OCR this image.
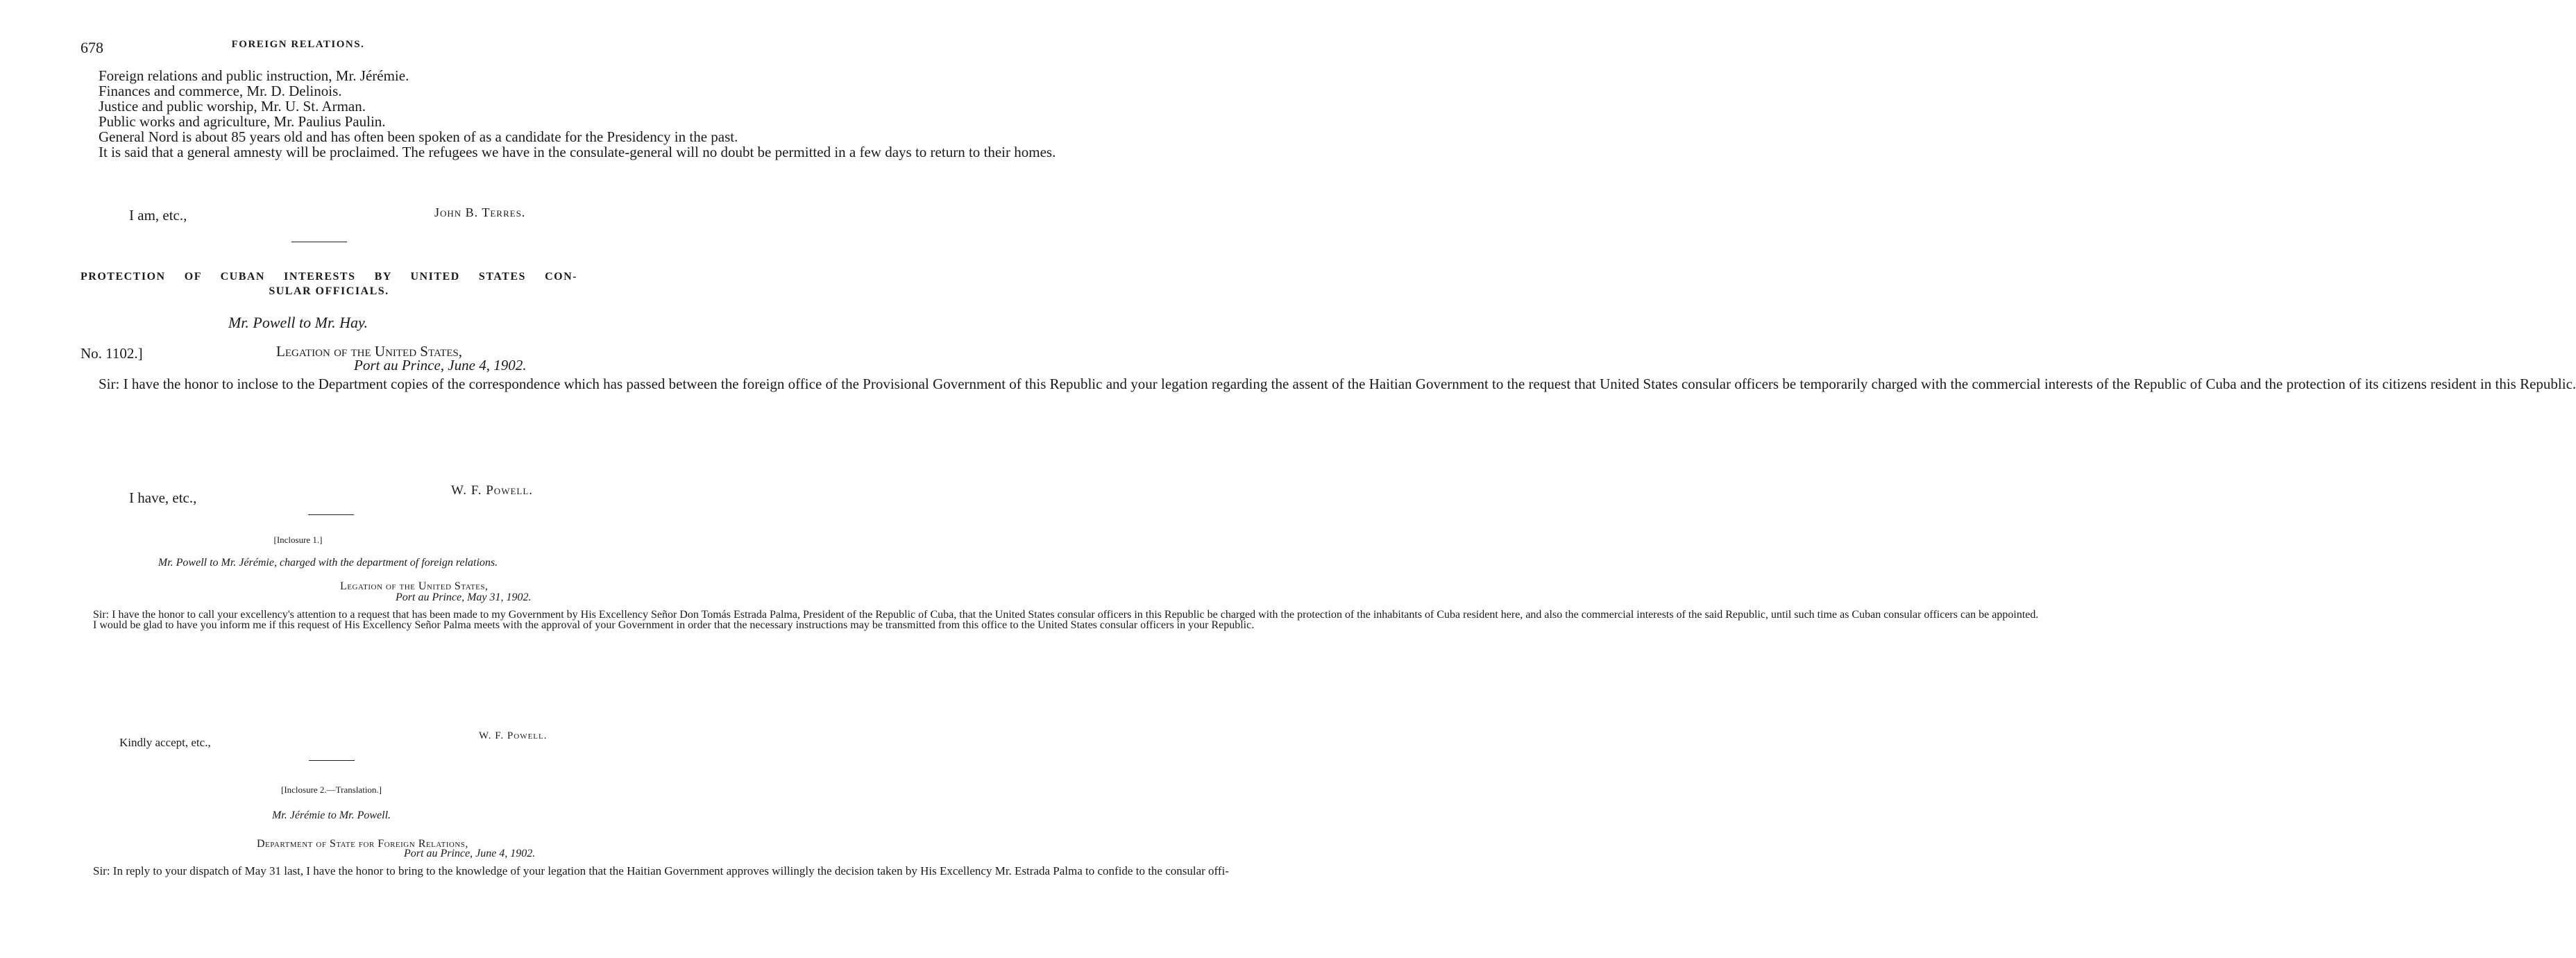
678	FOREIGN RELATIONS.
Foreign relations and public instruction, Mr. Jérémie.
Finances and commerce, Mr. D. Delinois.
Justice and public worship, Mr. U. St. Arman.
Public works and agriculture, Mr. Paulius Paulin.

General Nord is about 85 years old and has often been spoken of as a candidate for the Presidency in the past.

It is said that a general amnesty will be proclaimed. The refugees we have in the consulate-general will no doubt be permitted in a few days to return to their homes.

I am, etc.,	John B. Terres.
PROTECTION OF CUBAN INTERESTS BY UNITED STATES CON-
SULAR OFFICIALS.
Mr. Powell to Mr. Hay.
No. 1102.]	Legation of the United States,
Port au Prince, June 4, 1902.

Sir: I have the honor to inclose to the Department copies of the correspondence which has passed between the foreign office of the Provisional Government of this Republic and your legation regarding the assent of the Haitian Government to the request that United States consular officers be temporarily charged with the commercial interests of the Republic of Cuba and the protection of its citizens resident in this Republic.

I have, etc.,	W. F. Powell.
[Inclosure 1.]
Mr. Powell to Mr. Jérémie, charged with the department of foreign relations.
Legation of the United States,
Port au Prince, May 31, 1902.

Sir: I have the honor to call your excellency's attention to a request that has been made to my Government by His Excellency Señor Don Tomás Estrada Palma, President of the Republic of Cuba, that the United States consular officers in this Republic be charged with the protection of the inhabitants of Cuba resident here, and also the commercial interests of the said Republic, until such time as Cuban consular officers can be appointed.

I would be glad to have you inform me if this request of His Excellency Señor Palma meets with the approval of your Government in order that the necessary instructions may be transmitted from this office to the United States consular officers in your Republic.

Kindly accept, etc.,	W. F. Powell.
[Inclosure 2.—Translation.]
Mr. Jérémie to Mr. Powell.
Department of State for Foreign Relations,
Port au Prince, June 4, 1902.

Sir: In reply to your dispatch of May 31 last, I have the honor to bring to the knowledge of your legation that the Haitian Government approves willingly the decision taken by His Excellency Mr. Estrada Palma to confide to the consular offi-
